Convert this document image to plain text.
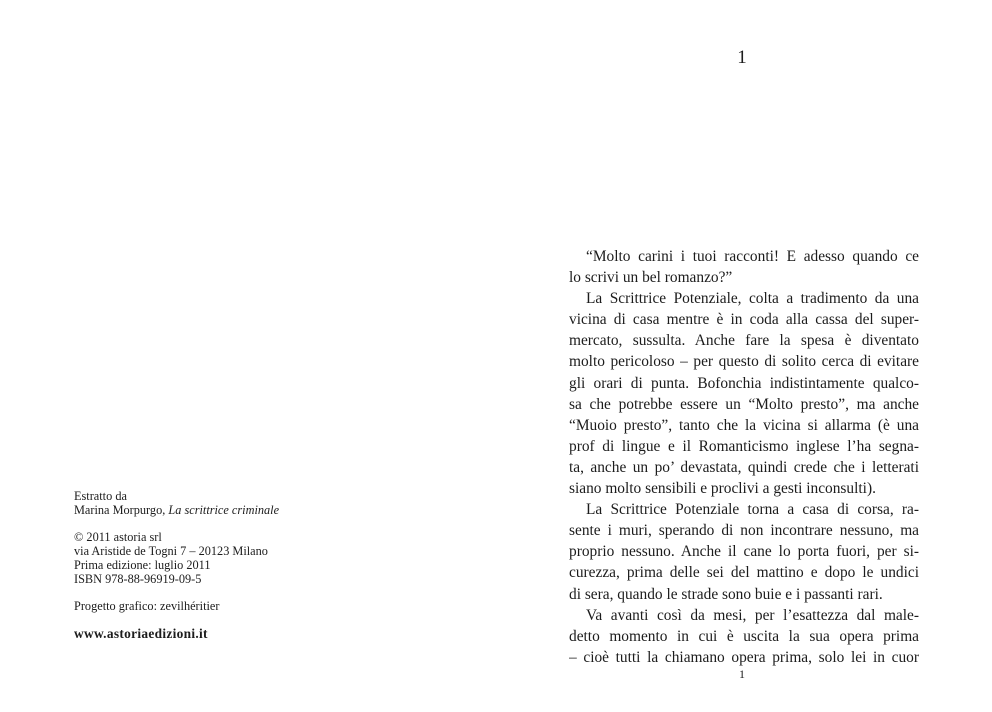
Estratto da
Marina Morpurgo, La scrittrice criminale
© 2011 astoria srl
via Aristide de Togni 7 – 20123 Milano
Prima edizione: luglio 2011
ISBN 978-88-96919-09-5
Progetto grafico: zevilhéritier
www.astoriaedizioni.it
1
“Molto carini i tuoi racconti! E adesso quando ce
lo scrivi un bel romanzo?”
La Scrittrice Potenziale, colta a tradimento da una
vicina di casa mentre è in coda alla cassa del super-
mercato, sussulta. Anche fare la spesa è diventato
molto pericoloso – per questo di solito cerca di evitare
gli orari di punta. Bofonchia indistintamente qualco-
sa che potrebbe essere un “Molto presto”, ma anche
“Muoio presto”, tanto che la vicina si allarma (è una
prof di lingue e il Romanticismo inglese l’ha segna-
ta, anche un po’ devastata, quindi crede che i letterati
siano molto sensibili e proclivi a gesti inconsulti).
La Scrittrice Potenziale torna a casa di corsa, ra-
sente i muri, sperando di non incontrare nessuno, ma
proprio nessuno. Anche il cane lo porta fuori, per si-
curezza, prima delle sei del mattino e dopo le undici
di sera, quando le strade sono buie e i passanti rari.
Va avanti così da mesi, per l’esattezza dal male-
detto momento in cui è uscita la sua opera prima
– cioè tutti la chiamano opera prima, solo lei in cuor
1
